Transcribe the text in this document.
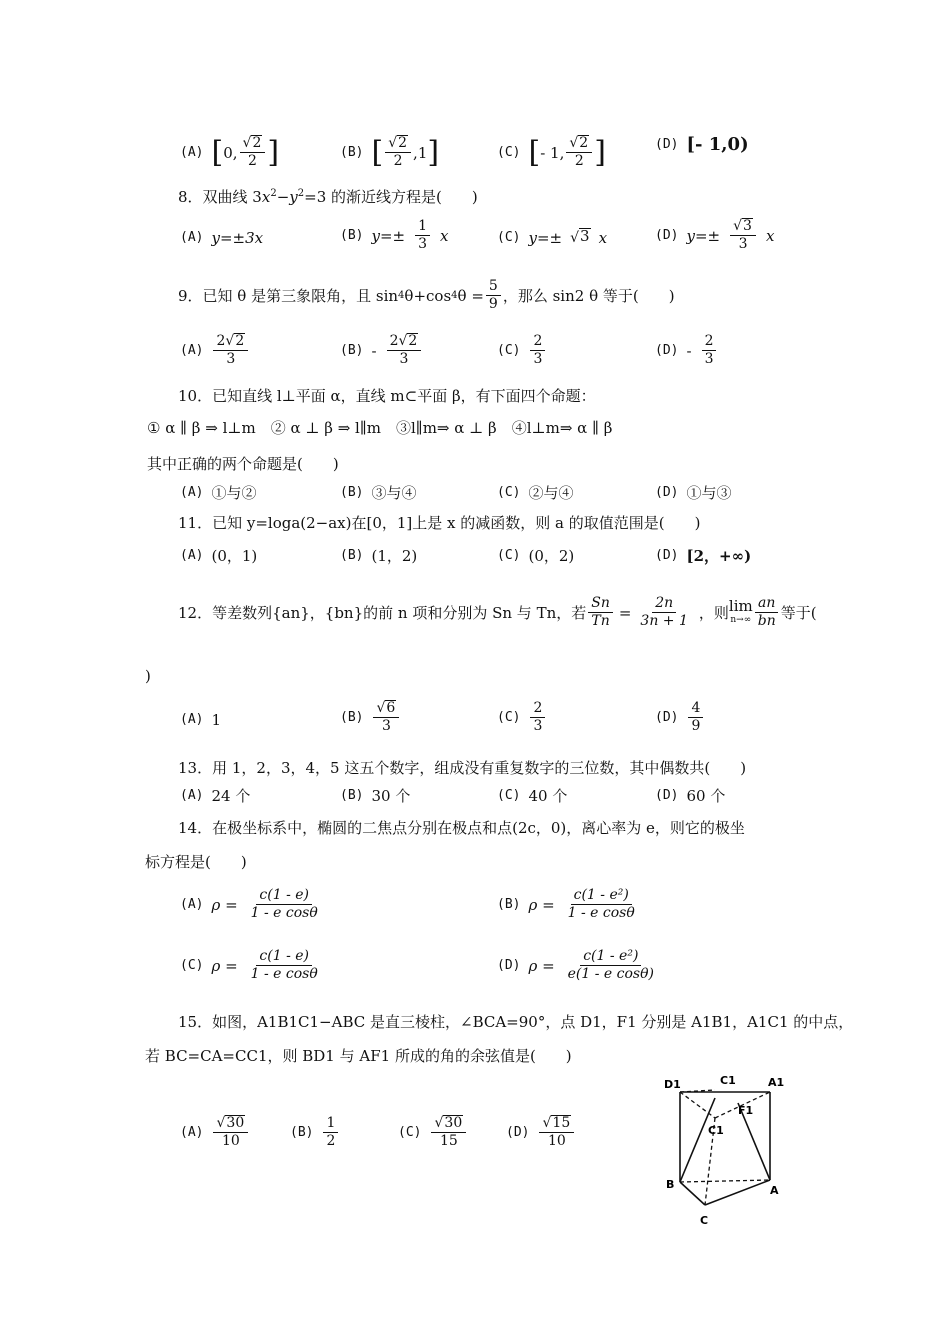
(A) [ 0, $\frac{√ 2}{2}$ ]	(B) [ $\frac{√ 2}{2} ,1$ ]	(C) [ - 1, $\frac{√ 2}{2}$ ]	(D) [- 1,0)
8．双曲线 $3x^2-y^2=3$ 的渐近线方程是(　　)
(A) y=±3x	(B) $y=\pm \frac{1}{3}$ x	(C) y=± √ 3 x	(D) $y=\pm \frac{√ 3}{3}$ x
9．已知 θ 是第三象限角，且 sin 4 θ+cos 4 $\theta = \frac{5}{9}$ ，那么 sin2 θ 等于(　　)
$(A) \frac{2 √ 2}{3}$	$(B) - \frac{2 √ 2}{3}$	$(C) \frac{2}{3}$	$(D) - \frac{2}{3}$
10．已知直线 l⊥平面 α，直线 m⊂平面 β，有下面四个命题：
① α ∥ β ⇒ l⊥m　② α ⊥ β ⇒ l∥m　③l∥m⇒ α ⊥ β　④l⊥m⇒ α ∥ β
其中正确的两个命题是(　　)
(A) ①与②	(B) ③与④	(C) ②与④	(D) ①与③
11．已知 y=loga(2−ax)在[0，1]上是 x 的减函数，则 a 的取值范围是(　　)
(A) (0，1)	(B) (1，2)	(C) (0，2)	(D) [2，+∞)
12．等差数列{an}，{bn}的前 n 项和分别为 Sn 与 Tn，若 $\frac{Sn}{Tn} = \frac{2n}{3n + 1}$ ，则 lim
$n\to\infty \frac{an}{bn}$ 等于(
)
(A) 1	$(B) \frac{√ 6}{3}$	$(C) \frac{2}{3}$	$(D) \frac{4}{9}$
13．用 1，2，3，4，5 这五个数字，组成没有重复数字的三位数，其中偶数共(　　)
(A) 24 个	(B) 30 个	(C) 40 个	(D) 60 个
14．在极坐标系中，椭圆的二焦点分别在极点和点(2c，0)，离心率为 e，则它的极坐
标方程是(　　)
(A) $\rho = \frac{c(1 - e)}{\text{1 - e cosθ}}$	(B) $\rho = \frac{\text{c(1 - e²)}}{\text{1 - e cosθ}}$
(C) $\rho = \frac{c(1 - e)}{\text{1 - e cosθ}}$	(D) $\rho = \frac{\text{c(1 - e²)}}{\text{e(1 - e cosθ)}}$
15．如图，A1B1C1−ABC 是直三棱柱，∠BCA=90°，点 D1，F1 分别是 A1B1，A1C1 的中点，
若 BC=CA=CC1，则 BD1 与 AF1 所成的角的余弦值是(　　)
$(A) \frac{√ 30}{10}$	$(B) \frac{1}{2}$	$(C) \frac{√ 30}{15}$	$(D) \frac{√ 15}{10}$
D1	C1	A1
F1
C1
B	A
C
